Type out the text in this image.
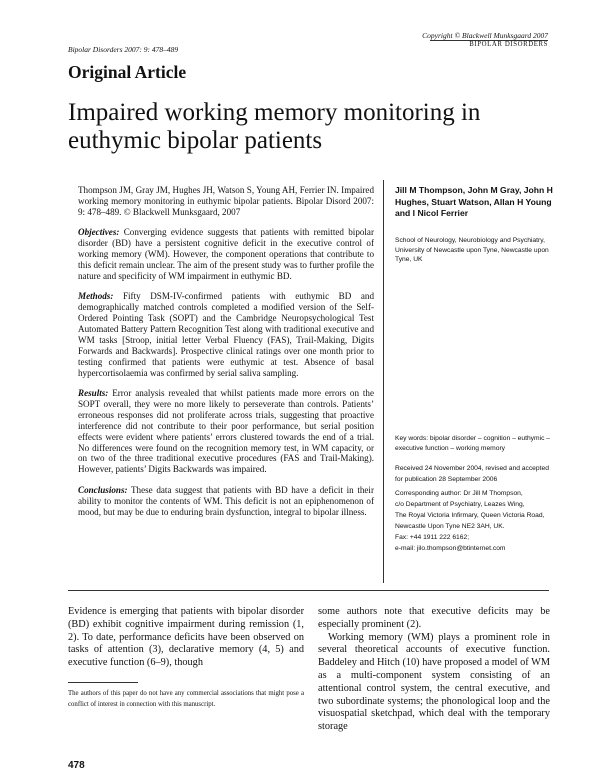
Bipolar Disorders 2007: 9: 478–489
Copyright © Blackwell Munksgaard 2007
BIPOLAR DISORDERS
Original Article
Impaired working memory monitoring in euthymic bipolar patients

Thompson JM, Gray JM, Hughes JH, Watson S, Young AH, Ferrier IN. Impaired working memory monitoring in euthymic bipolar patients. Bipolar Disord 2007: 9: 478–489. © Blackwell Munksgaard, 2007

Objectives: Converging evidence suggests that patients with remitted bipolar disorder (BD) have a persistent cognitive deficit in the executive control of working memory (WM). However, the component operations that contribute to this deficit remain unclear. The aim of the present study was to further profile the nature and specificity of WM impairment in euthymic BD.

Methods: Fifty DSM-IV-confirmed patients with euthymic BD and demographically matched controls completed a modified version of the Self-Ordered Pointing Task (SOPT) and the Cambridge Neuropsychological Test Automated Battery Pattern Recognition Test along with traditional executive and WM tasks [Stroop, initial letter Verbal Fluency (FAS), Trail-Making, Digits Forwards and Backwards]. Prospective clinical ratings over one month prior to testing confirmed that patients were euthymic at test. Absence of basal hypercortisolaemia was confirmed by serial saliva sampling.

Results: Error analysis revealed that whilst patients made more errors on the SOPT overall, they were no more likely to perseverate than controls. Patients’ erroneous responses did not proliferate across trials, suggesting that proactive interference did not contribute to their poor performance, but serial position effects were evident where patients’ errors clustered towards the end of a trial. No differences were found on the recognition memory test, in WM capacity, or on two of the three traditional executive procedures (FAS and Trail-Making). However, patients’ Digits Backwards was impaired.

Conclusions: These data suggest that patients with BD have a deficit in their ability to monitor the contents of WM. This deficit is not an epiphenomenon of mood, but may be due to enduring brain dysfunction, integral to bipolar illness.

Jill M Thompson, John M Gray, John H Hughes, Stuart Watson, Allan H Young and I Nicol Ferrier
School of Neurology, Neurobiology and Psychiatry, University of Newcastle upon Tyne, Newcastle upon Tyne, UK
Key words: bipolar disorder – cognition – euthymic – executive function – working memory
Received 24 November 2004, revised and accepted for publication 28 September 2006
Corresponding author: Dr Jill M Thompson,
c/o Department of Psychiatry, Leazes Wing,
The Royal Victoria Infirmary, Queen Victoria Road,
Newcastle Upon Tyne NE2 3AH, UK.
Fax: +44 1911 222 6162;
e-mail: jilo.thompson@btinternet.com

Evidence is emerging that patients with bipolar disorder (BD) exhibit cognitive impairment during remission (1, 2). To date, performance deficits have been observed on tasks of attention (3), declarative memory (4, 5) and executive function (6–9), though

some authors note that executive deficits may be especially prominent (2).

Working memory (WM) plays a prominent role in several theoretical accounts of executive function. Baddeley and Hitch (10) have proposed a model of WM as a multi-component system consisting of an attentional control system, the central executive, and two subordinate systems; the phonological loop and the visuospatial sketchpad, which deal with the temporary storage

The authors of this paper do not have any commercial associations that might pose a conflict of interest in connection with this manuscript.
478
